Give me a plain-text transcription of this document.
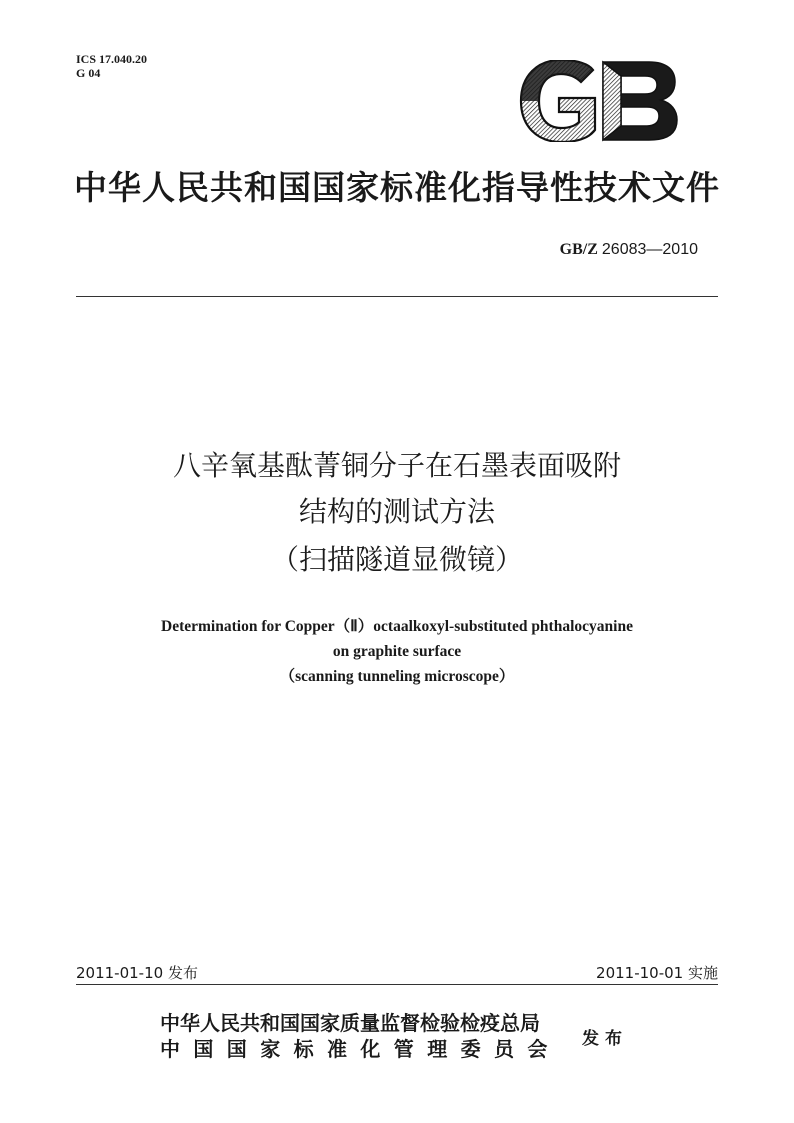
ICS 17.040.20
G 04
GB
中华人民共和国国家标准化指导性技术文件
GB/Z 26083—2010
八辛氧基酞菁铜分子在石墨表面吸附
结构的测试方法
（扫描隧道显微镜）
Determination for Copper（Ⅱ）octaalkoxyl-substituted phthalocyanine
on graphite surface
（scanning tunneling microscope）
2011-01-10 发布	2011-10-01 实施
中华人民共和国国家质量监督检验检疫总局
中国国家标准化管理委员会 发布
